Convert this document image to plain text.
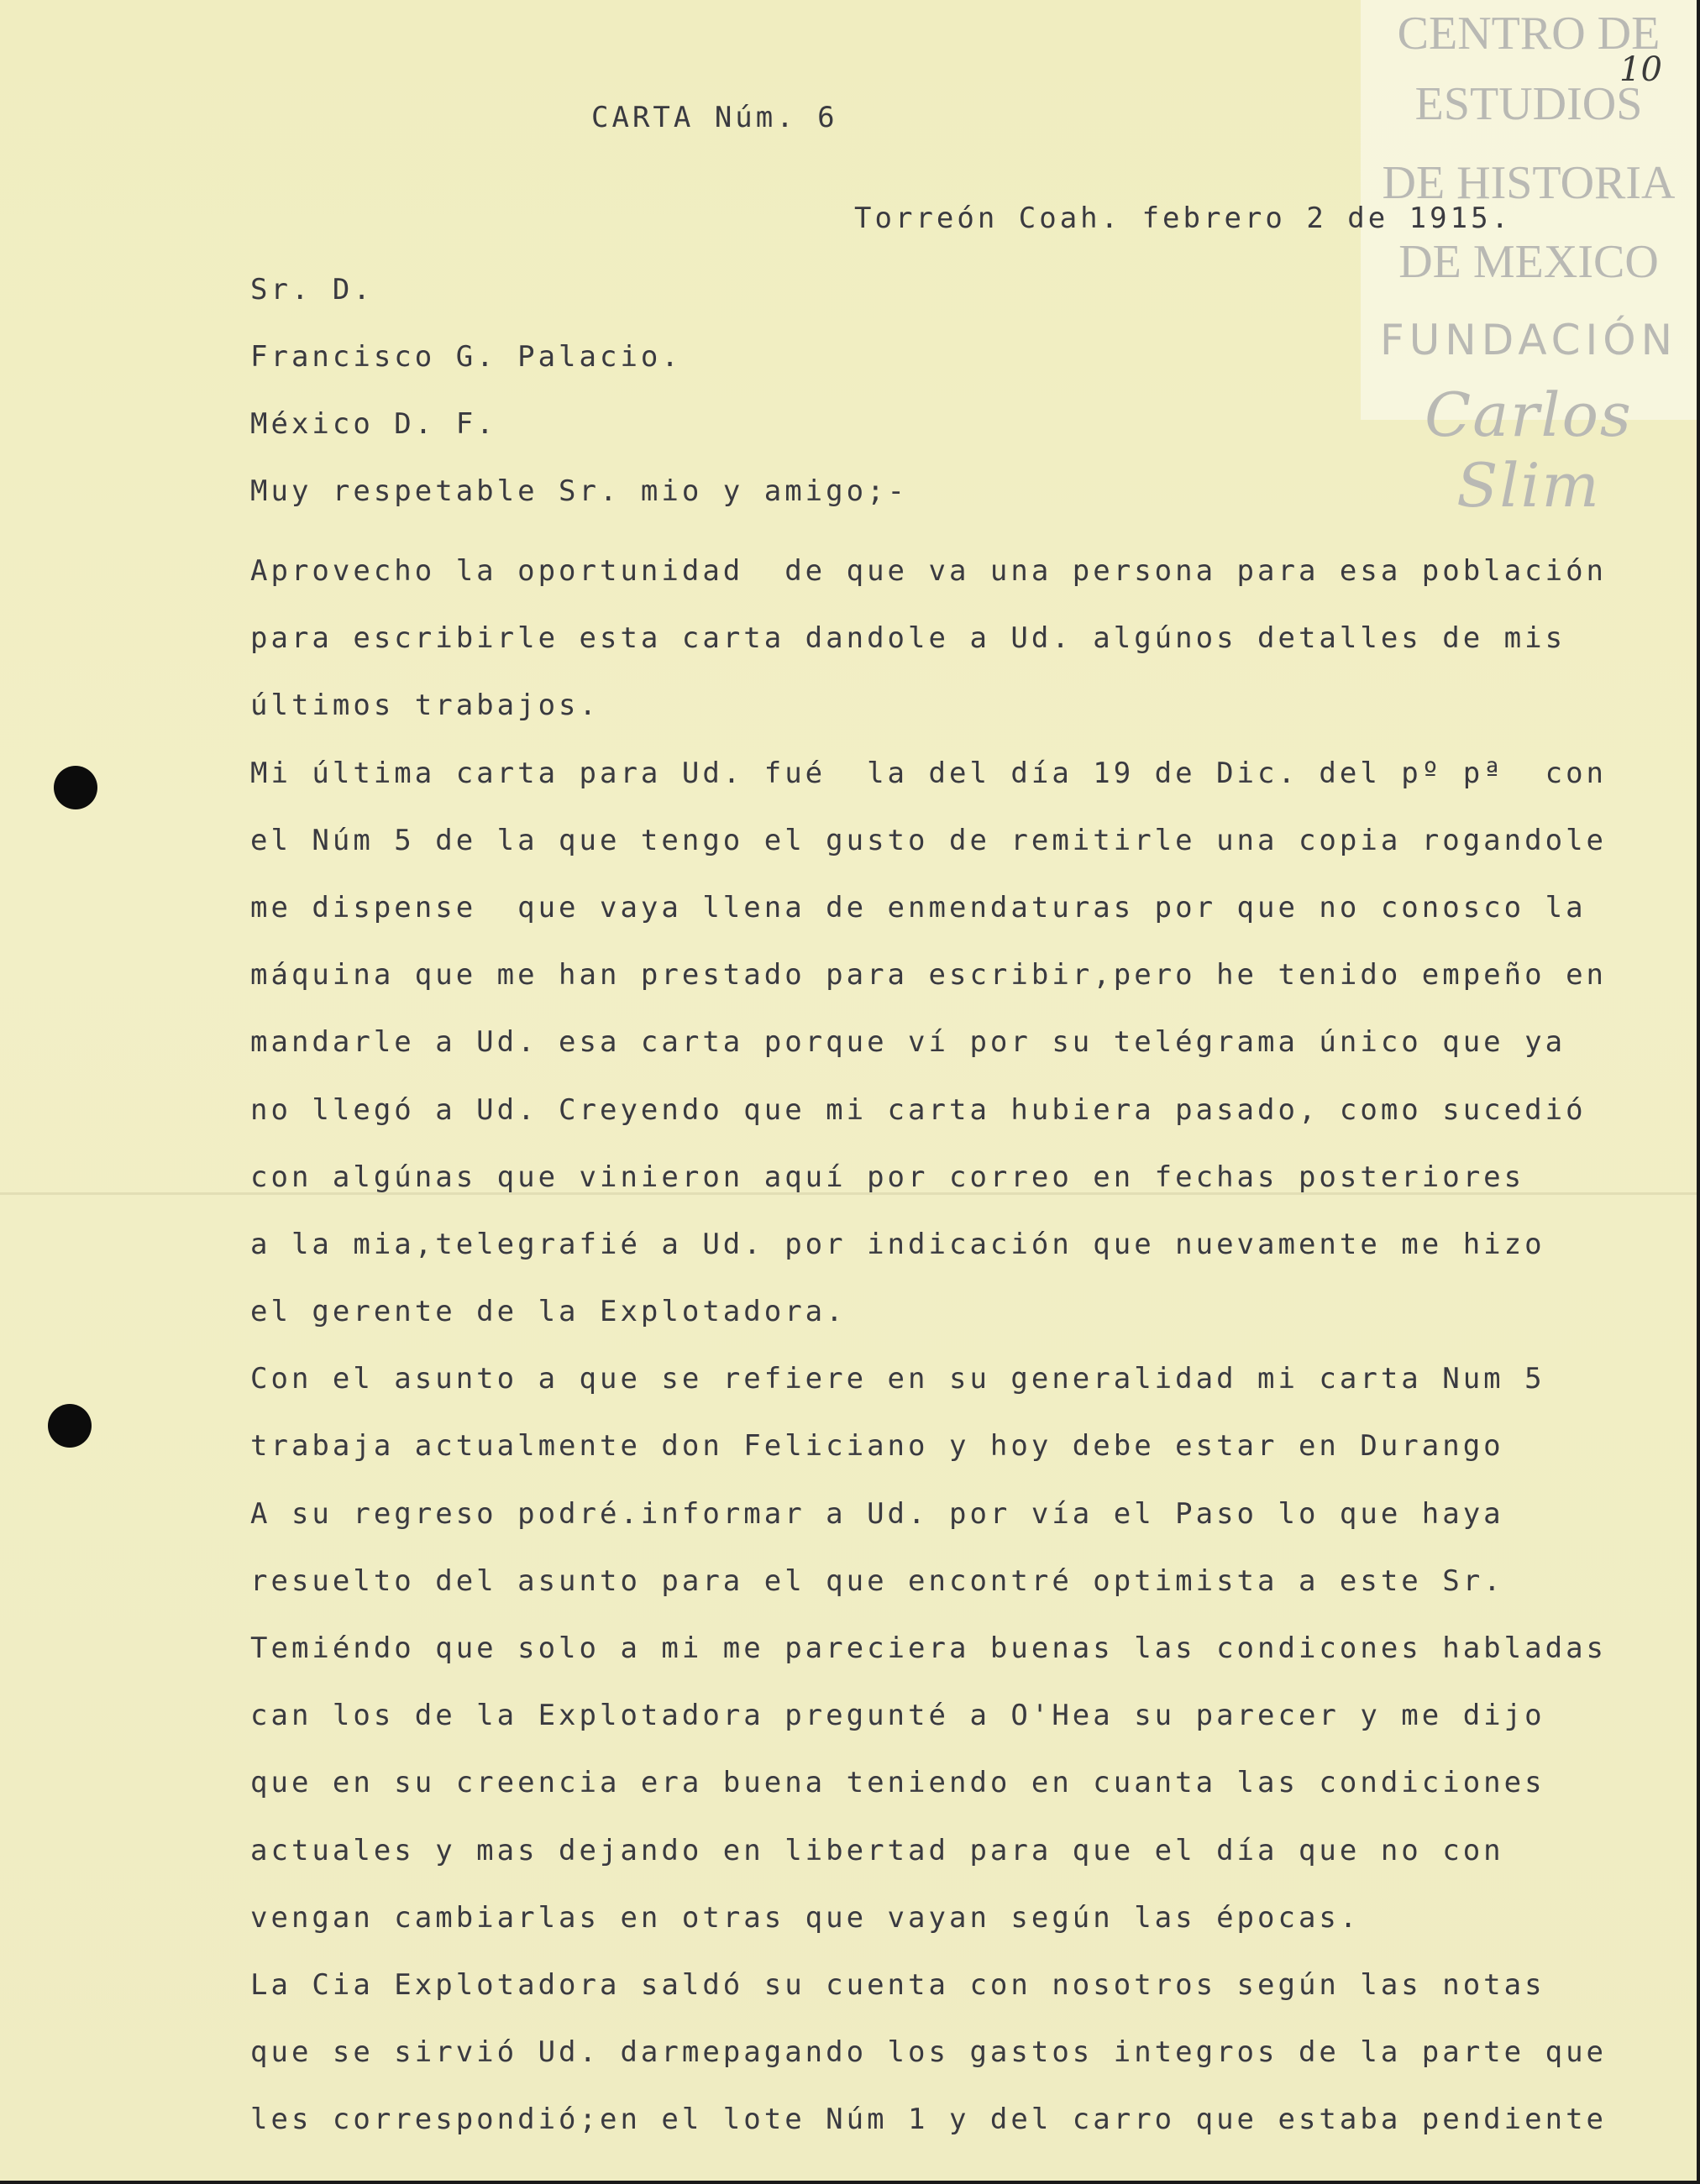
CENTRO DE
ESTUDIOS
DE HISTORIA
DE MEXICO
FUNDACIÓN
Carlos Slim
10
CARTA Núm. 6
Torreón Coah. febrero 2 de 1915.
Sr. D.
Francisco G. Palacio.
México D. F.
Muy respetable Sr. mio y amigo;-
Aprovecho la oportunidad  de que va una persona para esa población
para escribirle esta carta dandole a Ud. algúnos detalles de mis
últimos trabajos.
Mi última carta para Ud. fué  la del día 19 de Dic. del pº pª  con
el Núm 5 de la que tengo el gusto de remitirle una copia rogandole
me dispense  que vaya llena de enmendaturas por que no conosco la
máquina que me han prestado para escribir,pero he tenido empeño en
mandarle a Ud. esa carta porque ví por su telégrama único que ya
no llegó a Ud. Creyendo que mi carta hubiera pasado, como sucedió
con algúnas que vinieron aquí por correo en fechas posteriores
a la mia,telegrafié a Ud. por indicación que nuevamente me hizo
el gerente de la Explotadora.
Con el asunto a que se refiere en su generalidad mi carta Num 5
trabaja actualmente don Feliciano y hoy debe estar en Durango
A su regreso podré.informar a Ud. por vía el Paso lo que haya
resuelto del asunto para el que encontré optimista a este Sr.
Temiéndo que solo a mi me pareciera buenas las condicones habladas
can los de la Explotadora pregunté a O'Hea su parecer y me dijo
que en su creencia era buena teniendo en cuanta las condiciones
actuales y mas dejando en libertad para que el día que no con
vengan cambiarlas en otras que vayan según las épocas.
La Cia Explotadora saldó su cuenta con nosotros según las notas
que se sirvió Ud. darmepagando los gastos integros de la parte que
les correspondió;en el lote Núm 1 y del carro que estaba pendiente
